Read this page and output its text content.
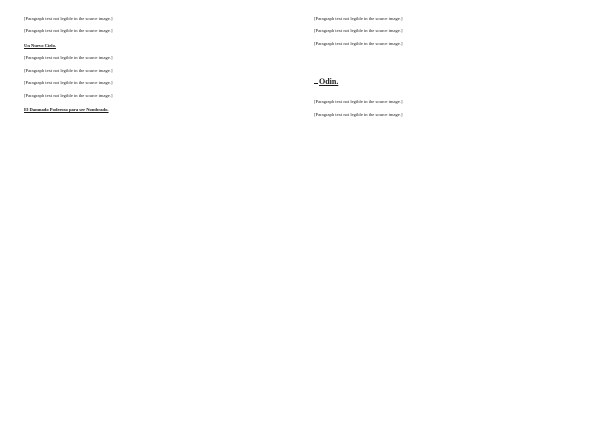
[Paragraph text not legible in the source image.]

[Paragraph text not legible in the source image.]

Un Nuevo Cielo.

[Paragraph text not legible in the source image.]

[Paragraph text not legible in the source image.]

[Paragraph text not legible in the source image.]

[Paragraph text not legible in the source image.]

El Damnado Poderoso para ser Nombrado.

[Paragraph text not legible in the source image.]

[Paragraph text not legible in the source image.]

[Paragraph text not legible in the source image.]

Odin.

[Paragraph text not legible in the source image.]

[Paragraph text not legible in the source image.]
